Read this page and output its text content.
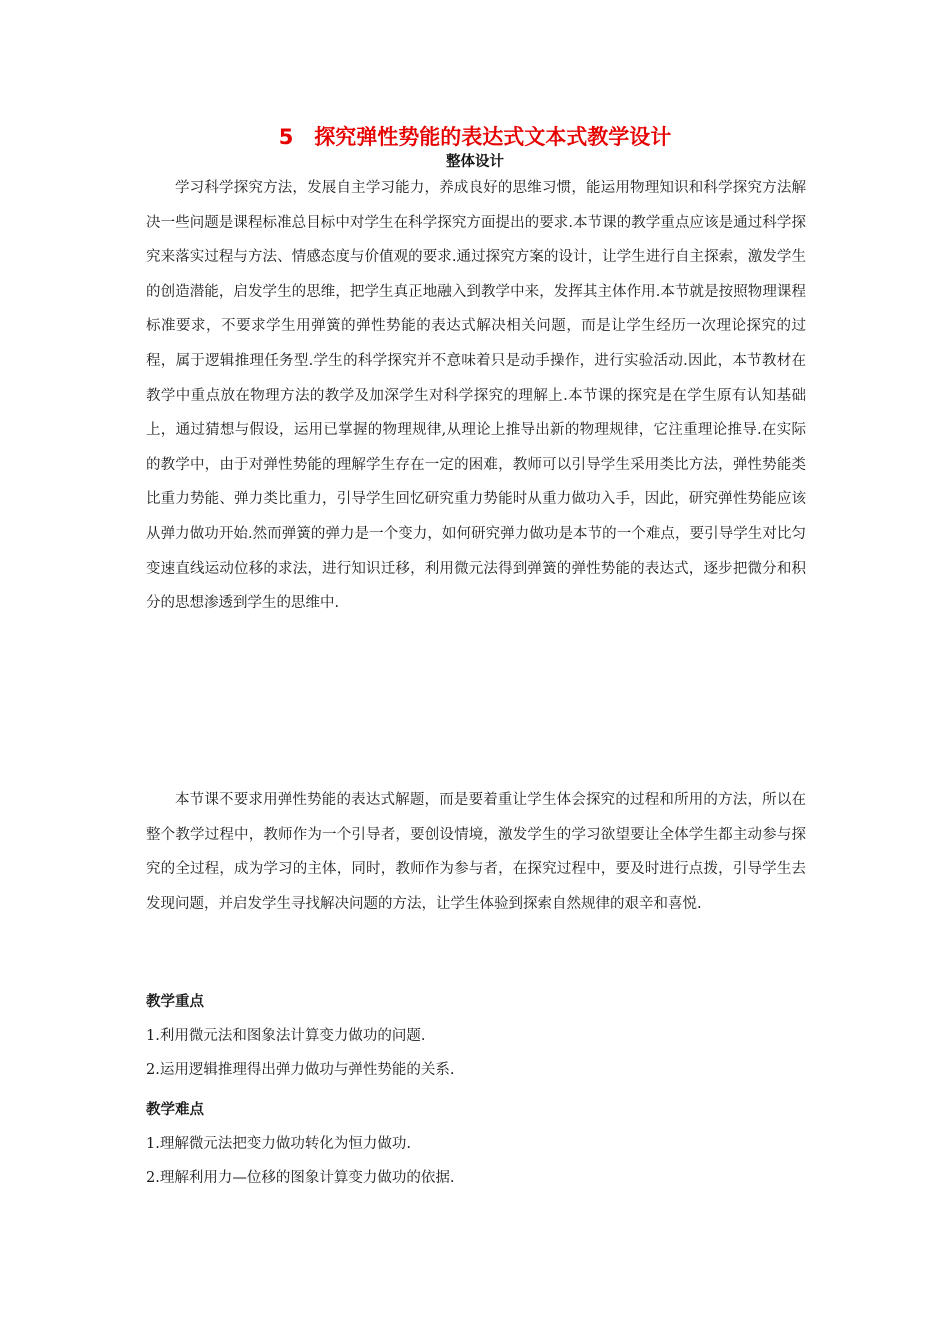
5　探究弹性势能的表达式文本式教学设计
整体设计

学习科学探究方法，发展自主学习能力，养成良好的思维习惯，能运用物理知识和科学探究方法解决一些问题是课程标准总目标中对学生在科学探究方面提出的要求.本节课的教学重点应该是通过科学探究来落实过程与方法、情感态度与价值观的要求.通过探究方案的设计，让学生进行自主探索，激发学生的创造潜能，启发学生的思维，把学生真正地融入到教学中来，发挥其主体作用.本节就是按照物理课程标准要求，不要求学生用弹簧的弹性势能的表达式解决相关问题，而是让学生经历一次理论探究的过程，属于逻辑推理任务型.学生的科学探究并不意味着只是动手操作，进行实验活动.因此，本节教材在教学中重点放在物理方法的教学及加深学生对科学探究的理解上.本节课的探究是在学生原有认知基础上，通过猜想与假设，运用已掌握的物理规律,从理论上推导出新的物理规律，它注重理论推导.在实际的教学中，由于对弹性势能的理解学生存在一定的困难，教师可以引导学生采用类比方法，弹性势能类比重力势能、弹力类比重力，引导学生回忆研究重力势能时从重力做功入手，因此，研究弹性势能应该从弹力做功开始.然而弹簧的弹力是一个变力，如何研究弹力做功是本节的一个难点，要引导学生对比匀变速直线运动位移的求法，进行知识迁移，利用微元法得到弹簧的弹性势能的表达式，逐步把微分和积分的思想渗透到学生的思维中.

本节课不要求用弹性势能的表达式解题，而是要着重让学生体会探究的过程和所用的方法，所以在整个教学过程中，教师作为一个引导者，要创设情境，激发学生的学习欲望要让全体学生都主动参与探究的全过程，成为学习的主体，同时，教师作为参与者，在探究过程中，要及时进行点拨，引导学生去发现问题，并启发学生寻找解决问题的方法，让学生体验到探索自然规律的艰辛和喜悦.

教学重点

1.利用微元法和图象法计算变力做功的问题.

2.运用逻辑推理得出弹力做功与弹性势能的关系.

教学难点

1.理解微元法把变力做功转化为恒力做功.

2.理解利用力—位移的图象计算变力做功的依据.
